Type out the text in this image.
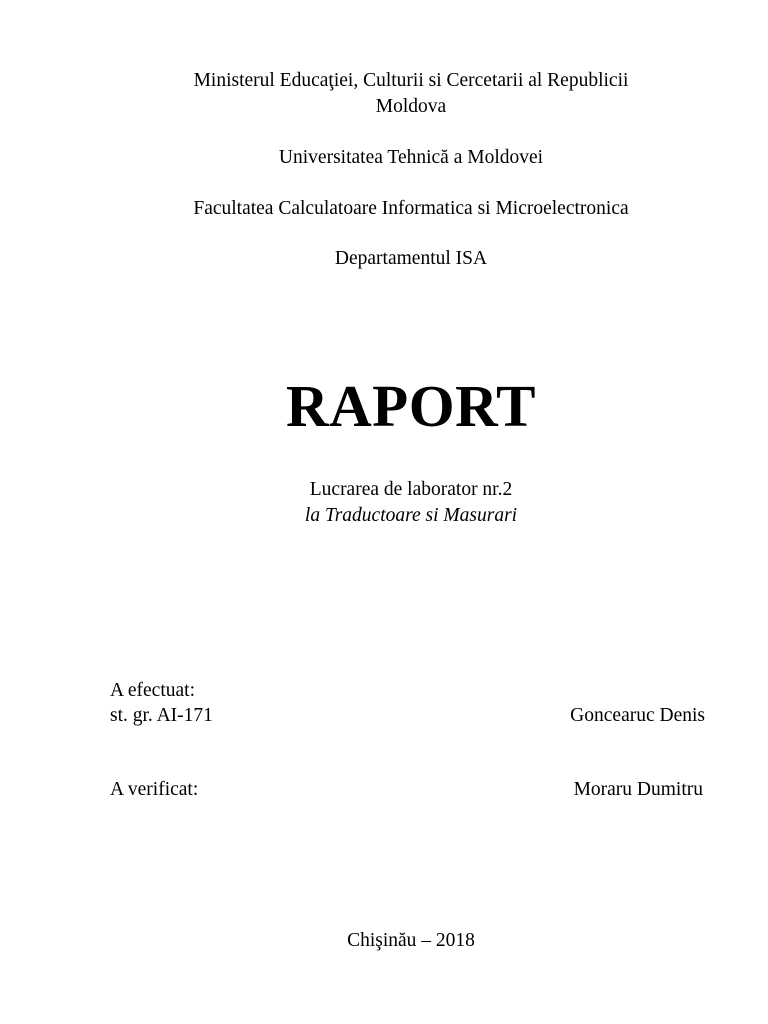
Ministerul Educaţiei, Culturii si Cercetarii al Republicii
Moldova
Universitatea Tehnică a Moldovei
Facultatea Calculatoare Informatica si Microelectronica
Departamentul ISA
RAPORT
Lucrarea de laborator nr.2
la Traductoare si Masurari
A efectuat:
st. gr. AI-171	Goncearuc Denis
A verificat:	Moraru Dumitru
Chişinău – 2018
